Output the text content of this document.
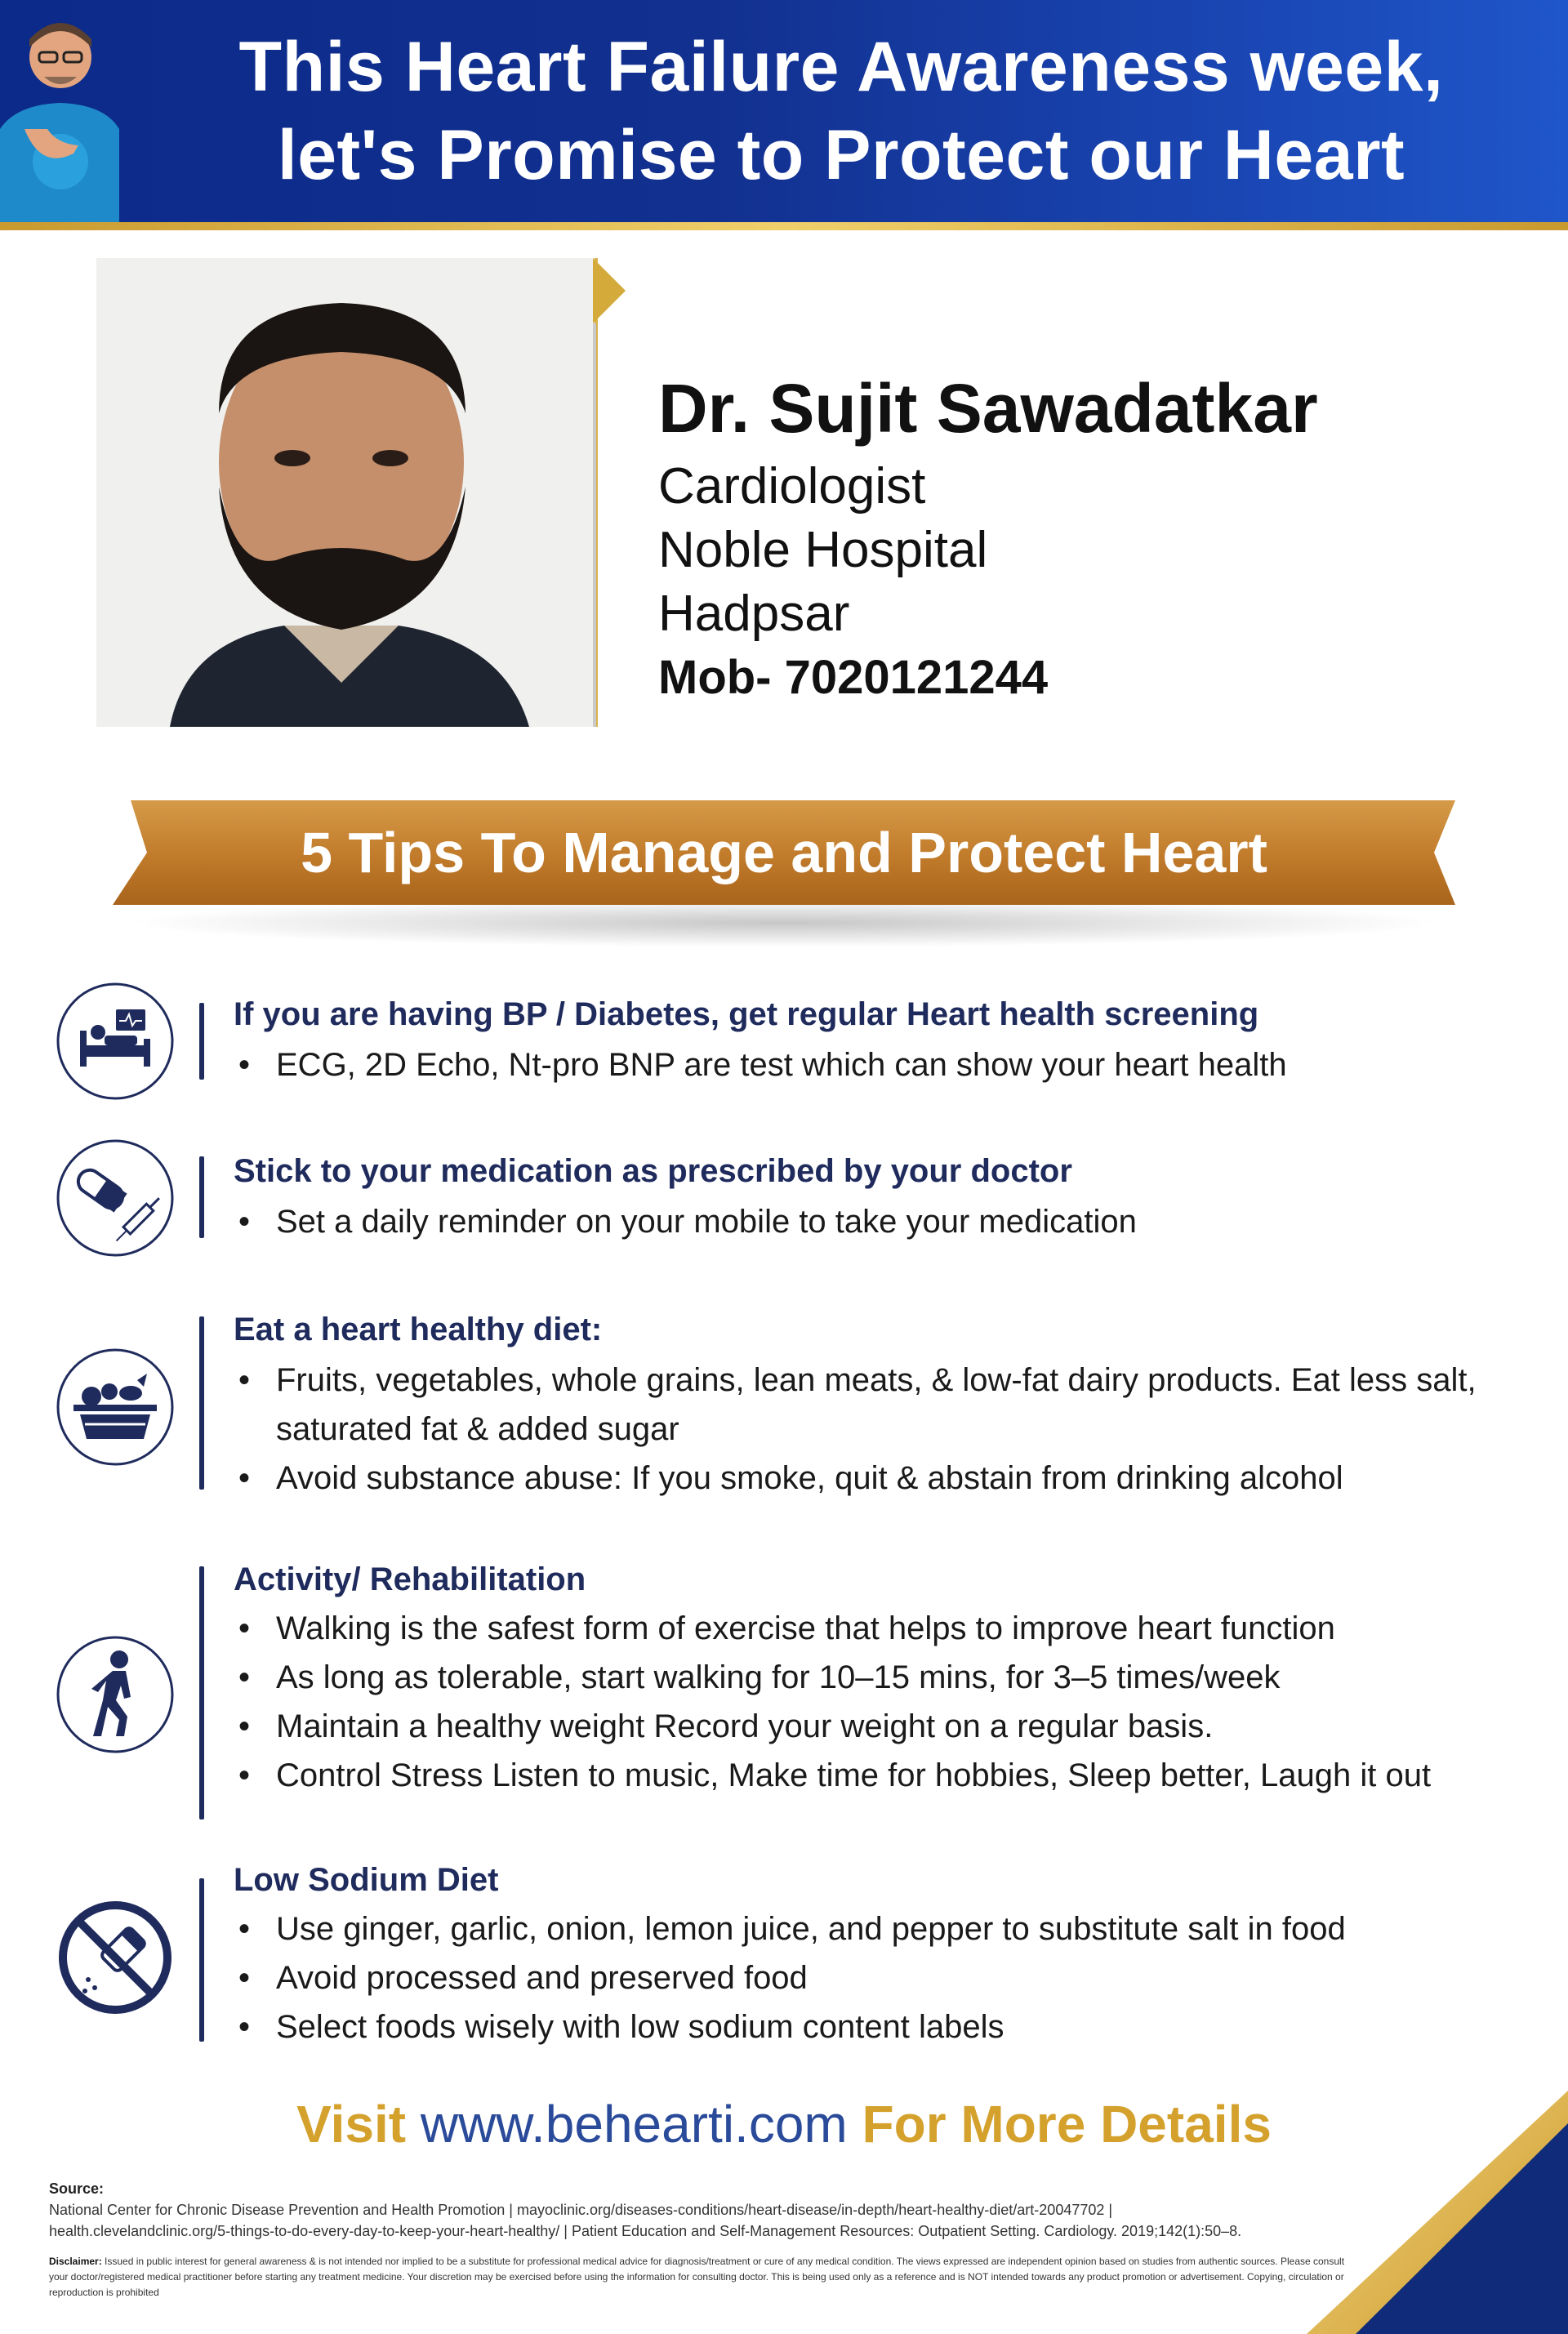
This Heart Failure Awareness week,
let's Promise to Protect our Heart
Dr. Sujit Sawadatkar
Cardiologist
Noble Hospital
Hadpsar
Mob- 7020121244
5 Tips To Manage and Protect Heart
If you are having BP / Diabetes, get regular Heart health screening
• ECG, 2D Echo, Nt-pro BNP are test which can show your heart health
Stick to your medication as prescribed by your doctor
• Set a daily reminder on your mobile to take your medication
Eat a heart healthy diet:
• Fruits, vegetables, whole grains, lean meats, & low-fat dairy products. Eat less salt, saturated fat & added sugar
• Avoid substance abuse: If you smoke, quit & abstain from drinking alcohol
Activity/ Rehabilitation
• Walking is the safest form of exercise that helps to improve heart function
• As long as tolerable, start walking for 10–15 mins, for 3–5 times/week
• Maintain a healthy weight Record your weight on a regular basis.
• Control Stress Listen to music, Make time for hobbies, Sleep better, Laugh it out
Low Sodium Diet
• Use ginger, garlic, onion, lemon juice, and pepper to substitute salt in food
• Avoid processed and preserved food
• Select foods wisely with low sodium content labels
Visit www.behearti.com For More Details
Source:
National Center for Chronic Disease Prevention and Health Promotion | mayoclinic.org/diseases-conditions/heart-disease/in-depth/heart-healthy-diet/art-20047702 |
health.clevelandclinic.org/5-things-to-do-every-day-to-keep-your-heart-healthy/ | Patient Education and Self-Management Resources: Outpatient Setting. Cardiology. 2019;142(1):50–8.
Disclaimer: Issued in public interest for general awareness & is not intended nor implied to be a substitute for professional medical advice for diagnosis/treatment or cure of any medical condition. The views expressed are independent opinion based on studies from authentic sources. Please consult your doctor/registered medical practitioner before starting any treatment medicine. Your discretion may be exercised before using the information for consulting doctor. This is being used only as a reference and is NOT intended towards any product promotion or advertisement. Copying, circulation or reproduction is prohibited
